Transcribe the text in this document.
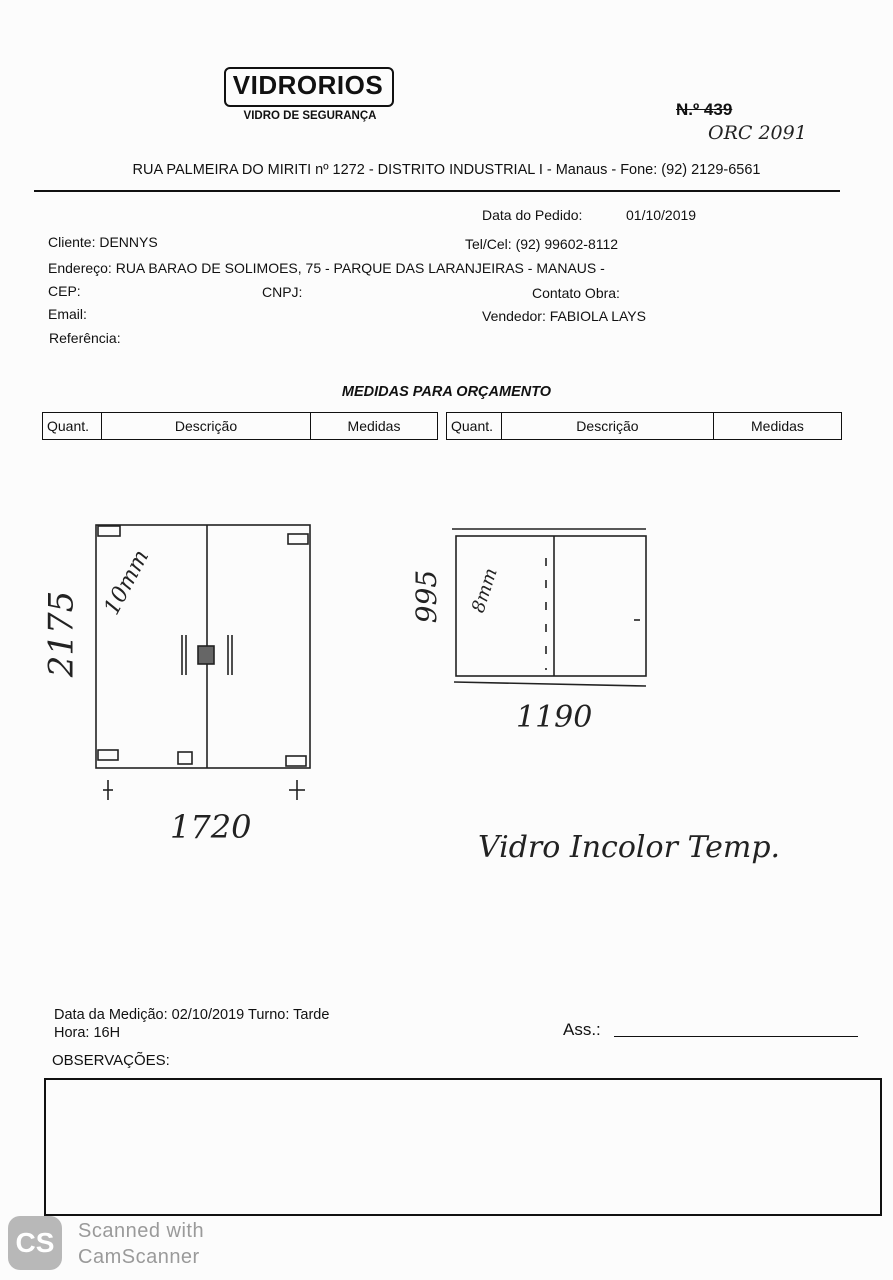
VIDRORIOS
VIDRO DE SEGURANÇA	N.º 439
ORC 2091
RUA PALMEIRA DO MIRITI nº 1272 - DISTRITO INDUSTRIAL I - Manaus - Fone: (92) 2129-6561
Data do Pedido:	01/10/2019
Cliente: DENNYS	Tel/Cel: (92) 99602-8112
Endereço: RUA BARAO DE SOLIMOES, 75 - PARQUE DAS LARANJEIRAS - MANAUS -
CEP:	CNPJ:	Contato Obra:
Email:	Vendedor: FABIOLA LAYS
Referência:
MEDIDAS PARA ORÇAMENTO
Quant.	Descrição	Medidas	Quant.	Descrição	Medidas
2175
1720
10mm	995
1190
8mm
Vidro Incolor Temp.
Data da Medição: 02/10/2019 Turno: Tarde
Hora: 16H	Ass.:
OBSERVAÇÕES:
CS	Scanned with
CamScanner
